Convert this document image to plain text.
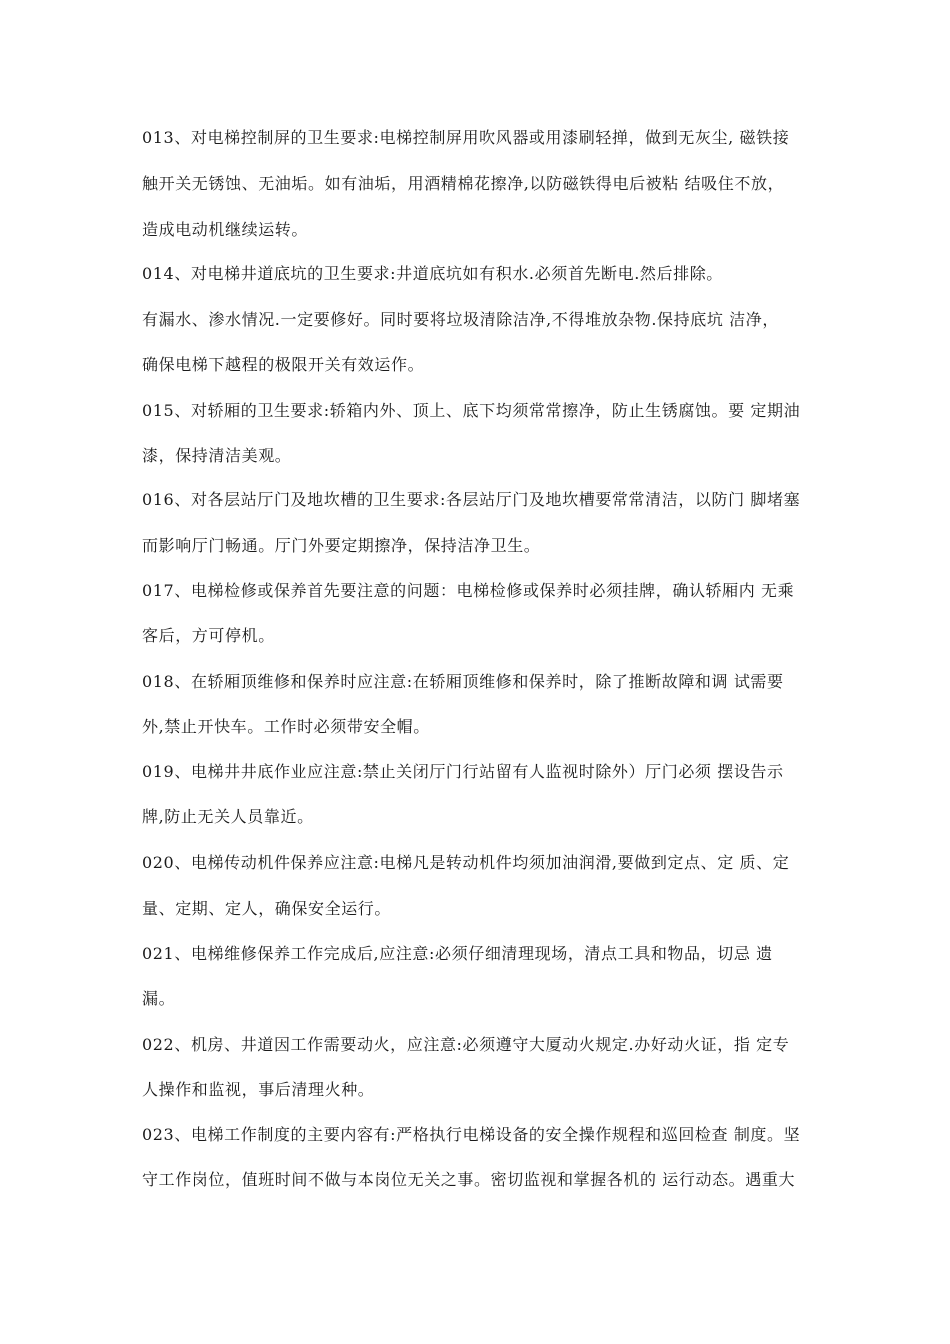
013、对电梯控制屏的卫生要求:电梯控制屏用吹风器或用漆刷轻掸，做到无灰尘, 磁铁接
触开关无锈蚀、无油垢。如有油垢，用酒精棉花擦净,以防磁铁得电后被粘 结吸住不放，
造成电动机继续运转。
014、对电梯井道底坑的卫生要求:井道底坑如有积水.必须首先断电.然后排除。
有漏水、渗水情况.一定要修好。同时要将垃圾清除洁净,不得堆放杂物.保持底坑 洁净，
确保电梯下越程的极限开关有效运作。
015、对轿厢的卫生要求:轿箱内外、顶上、底下均须常常擦净，防止生锈腐蚀。要 定期油
漆，保持清洁美观。
016、对各层站厅门及地坎槽的卫生要求:各层站厅门及地坎槽要常常清洁，以防门 脚堵塞
而影响厅门畅通。厅门外要定期擦净，保持洁净卫生。
017、电梯检修或保养首先要注意的问题：电梯检修或保养时必须挂牌，确认轿厢内 无乘
客后，方可停机。
018、在轿厢顶维修和保养时应注意:在轿厢顶维修和保养时，除了推断故障和调 试需要
外,禁止开快车。工作时必须带安全帽。
019、电梯井井底作业应注意:禁止关闭厅门行站留有人监视时除外）厅门必须 摆设告示
牌,防止无关人员靠近。
020、电梯传动机件保养应注意:电梯凡是转动机件均须加油润滑,要做到定点、定 质、定
量、定期、定人，确保安全运行。
021、电梯维修保养工作完成后,应注意:必须仔细清理现场，清点工具和物品，切忌 遗
漏。
022、机房、井道因工作需要动火，应注意:必须遵守大厦动火规定.办好动火证，指 定专
人操作和监视，事后清理火种。
023、电梯工作制度的主要内容有:严格执行电梯设备的安全操作规程和巡回检查 制度。坚
守工作岗位，值班时间不做与本岗位无关之事。密切监视和掌握各机的 运行动态。遇重大
